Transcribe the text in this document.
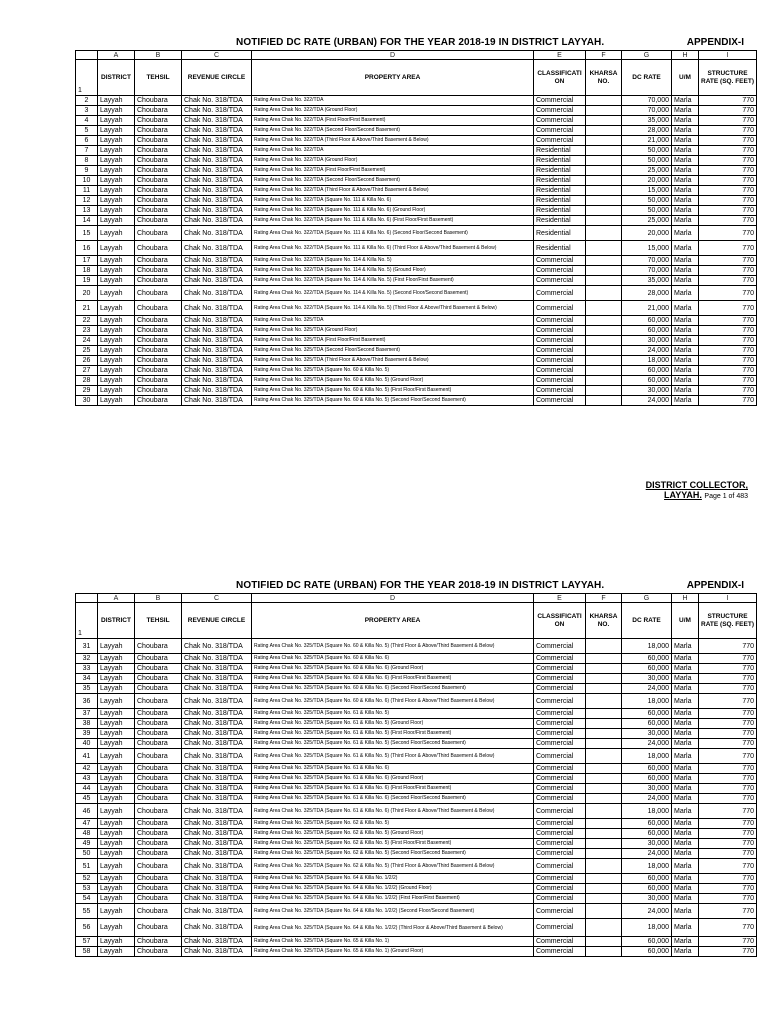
NOTIFIED DC RATE (URBAN) FOR THE YEAR 2018-19 IN DISTRICT LAYYAH.	APPENDIX-I
	A	B	C	D	E	F	G	H	I
1	DISTRICT	TEHSIL	REVENUE CIRCLE	PROPERTY AREA	CLASSIFICATI ON	KHARSA NO.	DC RATE	U/M	STRUCTURE RATE (SQ. FEET)
2	Layyah	Choubara	Chak No. 318/TDA	Rating Area Chak No. 322/TDA	Commercial		70,000	Marla	770
3	Layyah	Choubara	Chak No. 318/TDA	Rating Area Chak No. 322/TDA (Ground Floor)	Commercial		70,000	Marla	770
4	Layyah	Choubara	Chak No. 318/TDA	Rating Area Chak No. 322/TDA (First Floor/First Basement)	Commercial		35,000	Marla	770
5	Layyah	Choubara	Chak No. 318/TDA	Rating Area Chak No. 322/TDA (Second Floor/Second Basement)	Commercial		28,000	Marla	770
6	Layyah	Choubara	Chak No. 318/TDA	Rating Area Chak No. 322/TDA (Third Floor & Above/Third Basement & Below)	Commercial		21,000	Marla	770
7	Layyah	Choubara	Chak No. 318/TDA	Rating Area Chak No. 322/TDA	Residential		50,000	Marla	770
8	Layyah	Choubara	Chak No. 318/TDA	Rating Area Chak No. 322/TDA (Ground Floor)	Residential		50,000	Marla	770
9	Layyah	Choubara	Chak No. 318/TDA	Rating Area Chak No. 322/TDA (First Floor/First Basement)	Residential		25,000	Marla	770
10	Layyah	Choubara	Chak No. 318/TDA	Rating Area Chak No. 322/TDA (Second Floor/Second Basement)	Residential		20,000	Marla	770
11	Layyah	Choubara	Chak No. 318/TDA	Rating Area Chak No. 322/TDA (Third Floor & Above/Third Basement & Below)	Residential		15,000	Marla	770
12	Layyah	Choubara	Chak No. 318/TDA	Rating Area Chak No. 322/TDA (Square No. 111 & Killa No. 6)	Residential		50,000	Marla	770
13	Layyah	Choubara	Chak No. 318/TDA	Rating Area Chak No. 322/TDA (Square No. 111 & Killa No. 6) (Ground Floor)	Residential		50,000	Marla	770
14	Layyah	Choubara	Chak No. 318/TDA	Rating Area Chak No. 322/TDA (Square No. 111 & Killa No. 6) (First Floor/First Basement)	Residential		25,000	Marla	770
15	Layyah	Choubara	Chak No. 318/TDA	Rating Area Chak No. 322/TDA (Square No. 111 & Killa No. 6) (Second Floor/Second Basement)	Residential		20,000	Marla	770
16	Layyah	Choubara	Chak No. 318/TDA	Rating Area Chak No. 322/TDA (Square No. 111 & Killa No. 6) (Third Floor & Above/Third Basement & Below)	Residential		15,000	Marla	770
17	Layyah	Choubara	Chak No. 318/TDA	Rating Area Chak No. 322/TDA (Square No. 114 & Killa No. 5)	Commercial		70,000	Marla	770
18	Layyah	Choubara	Chak No. 318/TDA	Rating Area Chak No. 322/TDA (Square No. 114 & Killa No. 5) (Ground Floor)	Commercial		70,000	Marla	770
19	Layyah	Choubara	Chak No. 318/TDA	Rating Area Chak No. 322/TDA (Square No. 114 & Killa No. 5) (First Floor/First Basement)	Commercial		35,000	Marla	770
20	Layyah	Choubara	Chak No. 318/TDA	Rating Area Chak No. 322/TDA (Square No. 114 & Killa No. 5) (Second Floor/Second Basement)	Commercial		28,000	Marla	770
21	Layyah	Choubara	Chak No. 318/TDA	Rating Area Chak No. 322/TDA (Square No. 114 & Killa No. 5) (Third Floor & Above/Third Basement & Below)	Commercial		21,000	Marla	770
22	Layyah	Choubara	Chak No. 318/TDA	Rating Area Chak No. 325/TDA	Commercial		60,000	Marla	770
23	Layyah	Choubara	Chak No. 318/TDA	Rating Area Chak No. 325/TDA (Ground Floor)	Commercial		60,000	Marla	770
24	Layyah	Choubara	Chak No. 318/TDA	Rating Area Chak No. 325/TDA (First Floor/First Basement)	Commercial		30,000	Marla	770
25	Layyah	Choubara	Chak No. 318/TDA	Rating Area Chak No. 325/TDA (Second Floor/Second Basement)	Commercial		24,000	Marla	770
26	Layyah	Choubara	Chak No. 318/TDA	Rating Area Chak No. 325/TDA (Third Floor & Above/Third Basement & Below)	Commercial		18,000	Marla	770
27	Layyah	Choubara	Chak No. 318/TDA	Rating Area Chak No. 325/TDA (Square No. 60 & Killa No. 5)	Commercial		60,000	Marla	770
28	Layyah	Choubara	Chak No. 318/TDA	Rating Area Chak No. 325/TDA (Square No. 60 & Killa No. 5) (Ground Floor)	Commercial		60,000	Marla	770
29	Layyah	Choubara	Chak No. 318/TDA	Rating Area Chak No. 325/TDA (Square No. 60 & Killa No. 5) (First Floor/First Basement)	Commercial		30,000	Marla	770
30	Layyah	Choubara	Chak No. 318/TDA	Rating Area Chak No. 325/TDA (Square No. 60 & Killa No. 5) (Second Floor/Second Basement)	Commercial		24,000	Marla	770
DISTRICT COLLECTOR,
LAYYAH. Page 1 of 483
NOTIFIED DC RATE (URBAN) FOR THE YEAR 2018-19 IN DISTRICT LAYYAH.	APPENDIX-I
	A	B	C	D	E	F	G	H	I
1	DISTRICT	TEHSIL	REVENUE CIRCLE	PROPERTY AREA	CLASSIFICATI ON	KHARSA NO.	DC RATE	U/M	STRUCTURE RATE (SQ. FEET)
31	Layyah	Choubara	Chak No. 318/TDA	Rating Area Chak No. 325/TDA (Square No. 60 & Killa No. 5) (Third Floor & Above/Third Basement & Below)	Commercial		18,000	Marla	770
32	Layyah	Choubara	Chak No. 318/TDA	Rating Area Chak No. 325/TDA (Square No. 60 & Killa No. 6)	Commercial		60,000	Marla	770
33	Layyah	Choubara	Chak No. 318/TDA	Rating Area Chak No. 325/TDA (Square No. 60 & Killa No. 6) (Ground Floor)	Commercial		60,000	Marla	770
34	Layyah	Choubara	Chak No. 318/TDA	Rating Area Chak No. 325/TDA (Square No. 60 & Killa No. 6) (First Floor/First Basement)	Commercial		30,000	Marla	770
35	Layyah	Choubara	Chak No. 318/TDA	Rating Area Chak No. 325/TDA (Square No. 60 & Killa No. 6) (Second Floor/Second Basement)	Commercial		24,000	Marla	770
36	Layyah	Choubara	Chak No. 318/TDA	Rating Area Chak No. 325/TDA (Square No. 60 & Killa No. 6) (Third Floor & Above/Third Basement & Below)	Commercial		18,000	Marla	770
37	Layyah	Choubara	Chak No. 318/TDA	Rating Area Chak No. 325/TDA (Square No. 61 & Killa No. 5)	Commercial		60,000	Marla	770
38	Layyah	Choubara	Chak No. 318/TDA	Rating Area Chak No. 325/TDA (Square No. 61 & Killa No. 5) (Ground Floor)	Commercial		60,000	Marla	770
39	Layyah	Choubara	Chak No. 318/TDA	Rating Area Chak No. 325/TDA (Square No. 61 & Killa No. 5) (First Floor/First Basement)	Commercial		30,000	Marla	770
40	Layyah	Choubara	Chak No. 318/TDA	Rating Area Chak No. 325/TDA (Square No. 61 & Killa No. 5) (Second Floor/Second Basement)	Commercial		24,000	Marla	770
41	Layyah	Choubara	Chak No. 318/TDA	Rating Area Chak No. 325/TDA (Square No. 61 & Killa No. 5) (Third Floor & Above/Third Basement & Below)	Commercial		18,000	Marla	770
42	Layyah	Choubara	Chak No. 318/TDA	Rating Area Chak No. 325/TDA (Square No. 61 & Killa No. 6)	Commercial		60,000	Marla	770
43	Layyah	Choubara	Chak No. 318/TDA	Rating Area Chak No. 325/TDA (Square No. 61 & Killa No. 6) (Ground Floor)	Commercial		60,000	Marla	770
44	Layyah	Choubara	Chak No. 318/TDA	Rating Area Chak No. 325/TDA (Square No. 61 & Killa No. 6) (First Floor/First Basement)	Commercial		30,000	Marla	770
45	Layyah	Choubara	Chak No. 318/TDA	Rating Area Chak No. 325/TDA (Square No. 61 & Killa No. 6) (Second Floor/Second Basement)	Commercial		24,000	Marla	770
46	Layyah	Choubara	Chak No. 318/TDA	Rating Area Chak No. 325/TDA (Square No. 61 & Killa No. 6) (Third Floor & Above/Third Basement & Below)	Commercial		18,000	Marla	770
47	Layyah	Choubara	Chak No. 318/TDA	Rating Area Chak No. 325/TDA (Square No. 62 & Killa No. 5)	Commercial		60,000	Marla	770
48	Layyah	Choubara	Chak No. 318/TDA	Rating Area Chak No. 325/TDA (Square No. 62 & Killa No. 5) (Ground Floor)	Commercial		60,000	Marla	770
49	Layyah	Choubara	Chak No. 318/TDA	Rating Area Chak No. 325/TDA (Square No. 62 & Killa No. 5) (First Floor/First Basement)	Commercial		30,000	Marla	770
50	Layyah	Choubara	Chak No. 318/TDA	Rating Area Chak No. 325/TDA (Square No. 62 & Killa No. 5) (Second Floor/Second Basement)	Commercial		24,000	Marla	770
51	Layyah	Choubara	Chak No. 318/TDA	Rating Area Chak No. 325/TDA (Square No. 62 & Killa No. 5) (Third Floor & Above/Third Basement & Below)	Commercial		18,000	Marla	770
52	Layyah	Choubara	Chak No. 318/TDA	Rating Area Chak No. 325/TDA (Square No. 64 & Killa No. 1/2/2)	Commercial		60,000	Marla	770
53	Layyah	Choubara	Chak No. 318/TDA	Rating Area Chak No. 325/TDA (Square No. 64 & Killa No. 1/2/2) (Ground Floor)	Commercial		60,000	Marla	770
54	Layyah	Choubara	Chak No. 318/TDA	Rating Area Chak No. 325/TDA (Square No. 64 & Killa No. 1/2/2) (First Floor/First Basement)	Commercial		30,000	Marla	770
55	Layyah	Choubara	Chak No. 318/TDA	Rating Area Chak No. 325/TDA (Square No. 64 & Killa No. 1/2/2) (Second Floor/Second Basement)	Commercial		24,000	Marla	770
56	Layyah	Choubara	Chak No. 318/TDA	Rating Area Chak No. 325/TDA (Square No. 64 & Killa No. 1/2/2) (Third Floor & Above/Third Basement & Below)	Commercial		18,000	Marla	770
57	Layyah	Choubara	Chak No. 318/TDA	Rating Area Chak No. 325/TDA (Square No. 65 & Killa No. 1)	Commercial		60,000	Marla	770
58	Layyah	Choubara	Chak No. 318/TDA	Rating Area Chak No. 325/TDA (Square No. 65 & Killa No. 1) (Ground Floor)	Commercial		60,000	Marla	770
